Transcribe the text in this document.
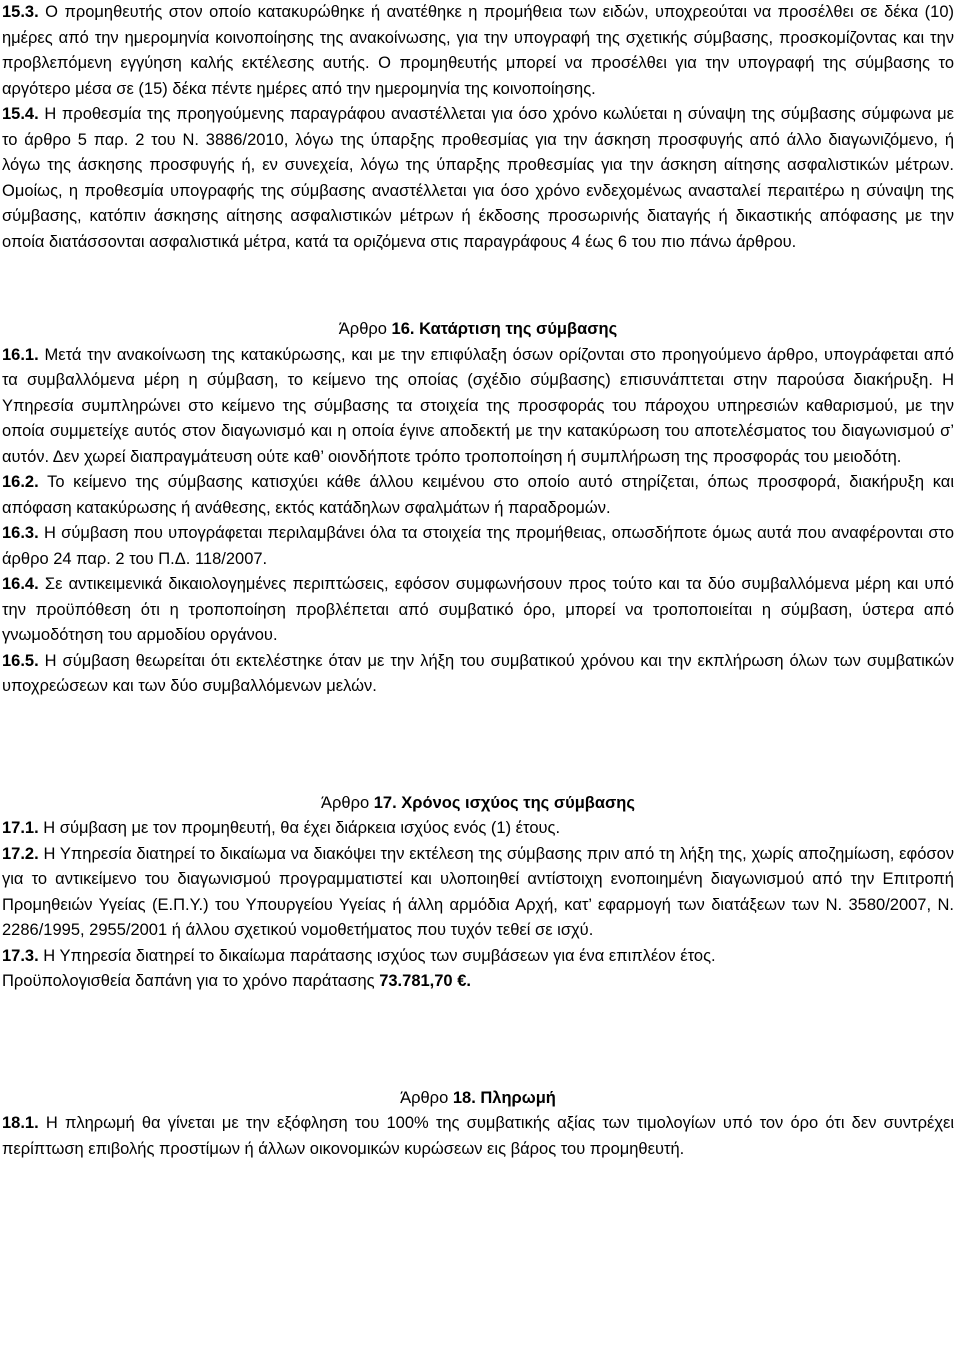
15.3. Ο προμηθευτής στον οποίο κατακυρώθηκε ή ανατέθηκε η προμήθεια των ειδών, υποχρεούται να προσέλθει σε δέκα (10) ημέρες από την ημερομηνία κοινοποίησης της ανακοίνωσης, για την υπογραφή της σχετικής σύμβασης, προσκομίζοντας και την προβλεπόμενη εγγύηση καλής εκτέλεσης αυτής. Ο προμηθευτής μπορεί να προσέλθει για την υπογραφή της σύμβασης το αργότερο μέσα σε (15) δέκα πέντε ημέρες από την ημερομηνία της κοινοποίησης.

15.4. Η προθεσμία της προηγούμενης παραγράφου αναστέλλεται για όσο χρόνο κωλύεται η σύναψη της σύμβασης σύμφωνα με το άρθρο 5 παρ. 2 του Ν. 3886/2010, λόγω της ύπαρξης προθεσμίας για την άσκηση προσφυγής από άλλο διαγωνιζόμενο, ή λόγω της άσκησης προσφυγής ή, εν συνεχεία, λόγω της ύπαρξης προθεσμίας για την άσκηση αίτησης ασφαλιστικών μέτρων. Ομοίως, η προθεσμία υπογραφής της σύμβασης αναστέλλεται για όσο χρόνο ενδεχομένως ανασταλεί περαιτέρω η σύναψη της σύμβασης, κατόπιν άσκησης αίτησης ασφαλιστικών μέτρων ή έκδοσης προσωρινής διαταγής ή δικαστικής απόφασης με την οποία διατάσσονται ασφαλιστικά μέτρα, κατά τα οριζόμενα στις παραγράφους 4 έως 6 του πιο πάνω άρθρου.

Άρθρο 16. Κατάρτιση της σύμβασης

16.1. Μετά την ανακοίνωση της κατακύρωσης, και με την επιφύλαξη όσων ορίζονται στο προηγούμενο άρθρο, υπογράφεται από τα συμβαλλόμενα μέρη η σύμβαση, το κείμενο της οποίας (σχέδιο σύμβασης) επισυνάπτεται στην παρούσα διακήρυξη. Η Υπηρεσία συμπληρώνει στο κείμενο της σύμβασης τα στοιχεία της προσφοράς του πάροχου υπηρεσιών καθαρισμού, με την οποία συμμετείχε αυτός στον διαγωνισμό και η οποία έγινε αποδεκτή με την κατακύρωση του αποτελέσματος του διαγωνισμού σ’ αυτόν. Δεν χωρεί διαπραγμάτευση ούτε καθ’ οιονδήποτε τρόπο τροποποίηση ή συμπλήρωση της προσφοράς του μειοδότη.

16.2. Το κείμενο της σύμβασης κατισχύει κάθε άλλου κειμένου στο οποίο αυτό στηρίζεται, όπως προσφορά, διακήρυξη και απόφαση κατακύρωσης ή ανάθεσης, εκτός κατάδηλων σφαλμάτων ή παραδρομών.

16.3. Η σύμβαση που υπογράφεται περιλαμβάνει όλα τα στοιχεία της προμήθειας, οπωσδήποτε όμως αυτά που αναφέρονται στο άρθρο 24 παρ. 2 του Π.Δ. 118/2007.

16.4. Σε αντικειμενικά δικαιολογημένες περιπτώσεις, εφόσον συμφωνήσουν προς τούτο και τα δύο συμβαλλόμενα μέρη και υπό την προϋπόθεση ότι η τροποποίηση προβλέπεται από συμβατικό όρο, μπορεί να τροποποιείται η σύμβαση, ύστερα από γνωμοδότηση του αρμοδίου οργάνου.

16.5. Η σύμβαση θεωρείται ότι εκτελέστηκε όταν με την λήξη του συμβατικού χρόνου και την εκπλήρωση όλων των συμβατικών υποχρεώσεων και των δύο συμβαλλόμενων μελών.

Άρθρο 17. Χρόνος ισχύος της σύμβασης

17.1. Η σύμβαση με τον προμηθευτή, θα έχει διάρκεια ισχύος ενός (1) έτους.

17.2. Η Υπηρεσία διατηρεί το δικαίωμα να διακόψει την εκτέλεση της σύμβασης πριν από τη λήξη της, χωρίς αποζημίωση, εφόσον για το αντικείμενο του διαγωνισμού προγραμματιστεί και υλοποιηθεί αντίστοιχη ενοποιημένη διαγωνισμού από την Επιτροπή Προμηθειών Υγείας (Ε.Π.Υ.) του Υπουργείου Υγείας ή άλλη αρμόδια Αρχή, κατ’ εφαρμογή των διατάξεων των Ν. 3580/2007, Ν. 2286/1995, 2955/2001 ή άλλου σχετικού νομοθετήματος που τυχόν τεθεί σε ισχύ.

17.3. Η Υπηρεσία διατηρεί το δικαίωμα παράτασης ισχύος των συμβάσεων για ένα επιπλέον έτος.

Προϋπολογισθεία δαπάνη για το χρόνο παράτασης 73.781,70 €.

Άρθρο 18. Πληρωμή

18.1. Η πληρωμή θα γίνεται με την εξόφληση του 100% της συμβατικής αξίας των τιμολογίων υπό τον όρο ότι δεν συντρέχει περίπτωση επιβολής προστίμων ή άλλων οικονομικών κυρώσεων εις βάρος του προμηθευτή.
